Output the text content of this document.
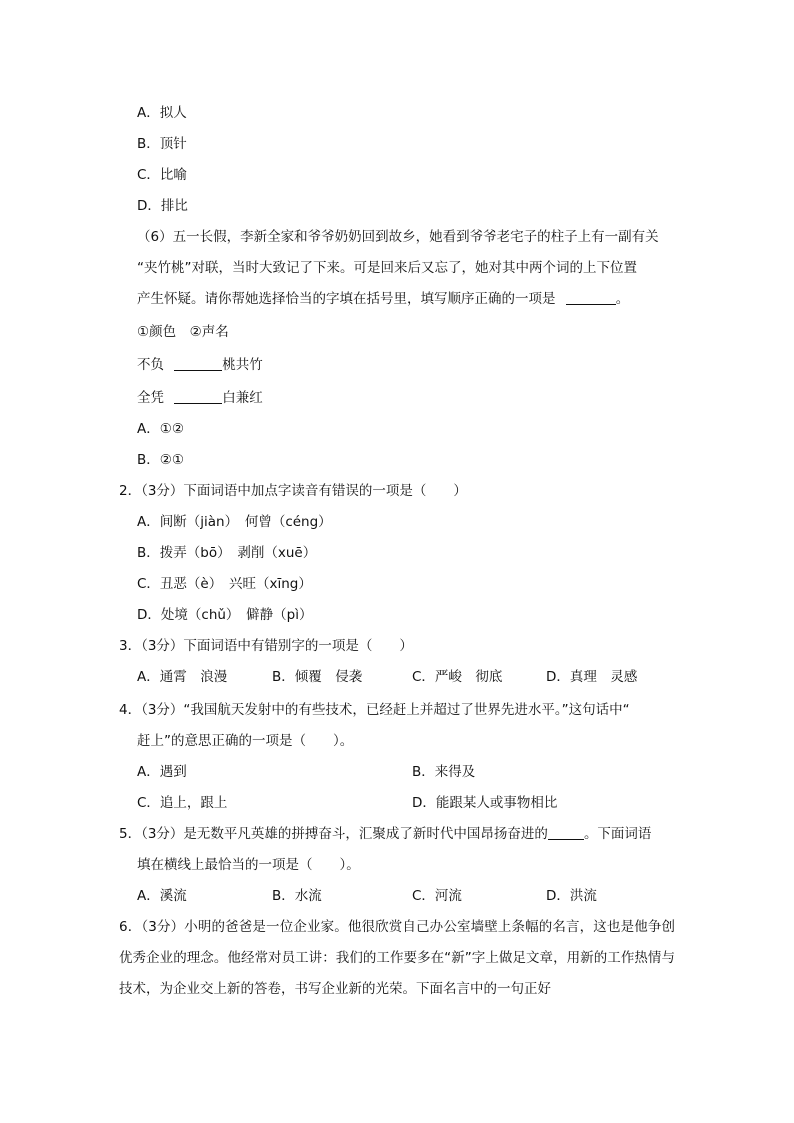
A．拟人
B．顶针
C．比喻
D．排比
（6）五一长假，李新全家和爷爷奶奶回到故乡，她看到爷爷老宅子的柱子上有一副有关
“夹竹桃”对联，当时大致记了下来。可是回来后又忘了，她对其中两个词的上下位置
产生怀疑。请你帮她选择恰当的字填在括号里，填写顺序正确的一项是	。
①颜色　②声名
不负	桃共竹
全凭	白兼红
A．①②
B．②①
2．（3分）下面词语中加点字读音有错误的一项是（　　）
A．间断（jiàn）　何曾（céng）
B．拨弄（bō）　剥削（xuē）
C．丑恶（è）　兴旺（xīng）
D．处境（chǔ）　僻静（pì）
3．（3分）下面词语中有错别字的一项是（　　）
A．通霄　浪漫	B．倾覆　侵袭	C．严峻　彻底	D．真理　灵感
4．（3分）“我国航天发射中的有些技术，已经赶上并超过了世界先进水平。”这句话中“
赶上”的意思正确的一项是（　　）。
A．遇到	B．来得及
C．追上，跟上	D．能跟某人或事物相比
5．（3分）是无数平凡英雄的拼搏奋斗，汇聚成了新时代中国昂扬奋进的	。下面词语
填在横线上最恰当的一项是（　　）。
A．溪流	B．水流	C．河流	D．洪流
6．（3分）小明的爸爸是一位企业家。他很欣赏自己办公室墙壁上条幅的名言，这也是他争创优秀企业的理念。他经常对员工讲：我们的工作要多在“新”字上做足文章，用新的工作热情与技术，为企业交上新的答卷，书写企业新的光荣。下面名言中的一句正好
